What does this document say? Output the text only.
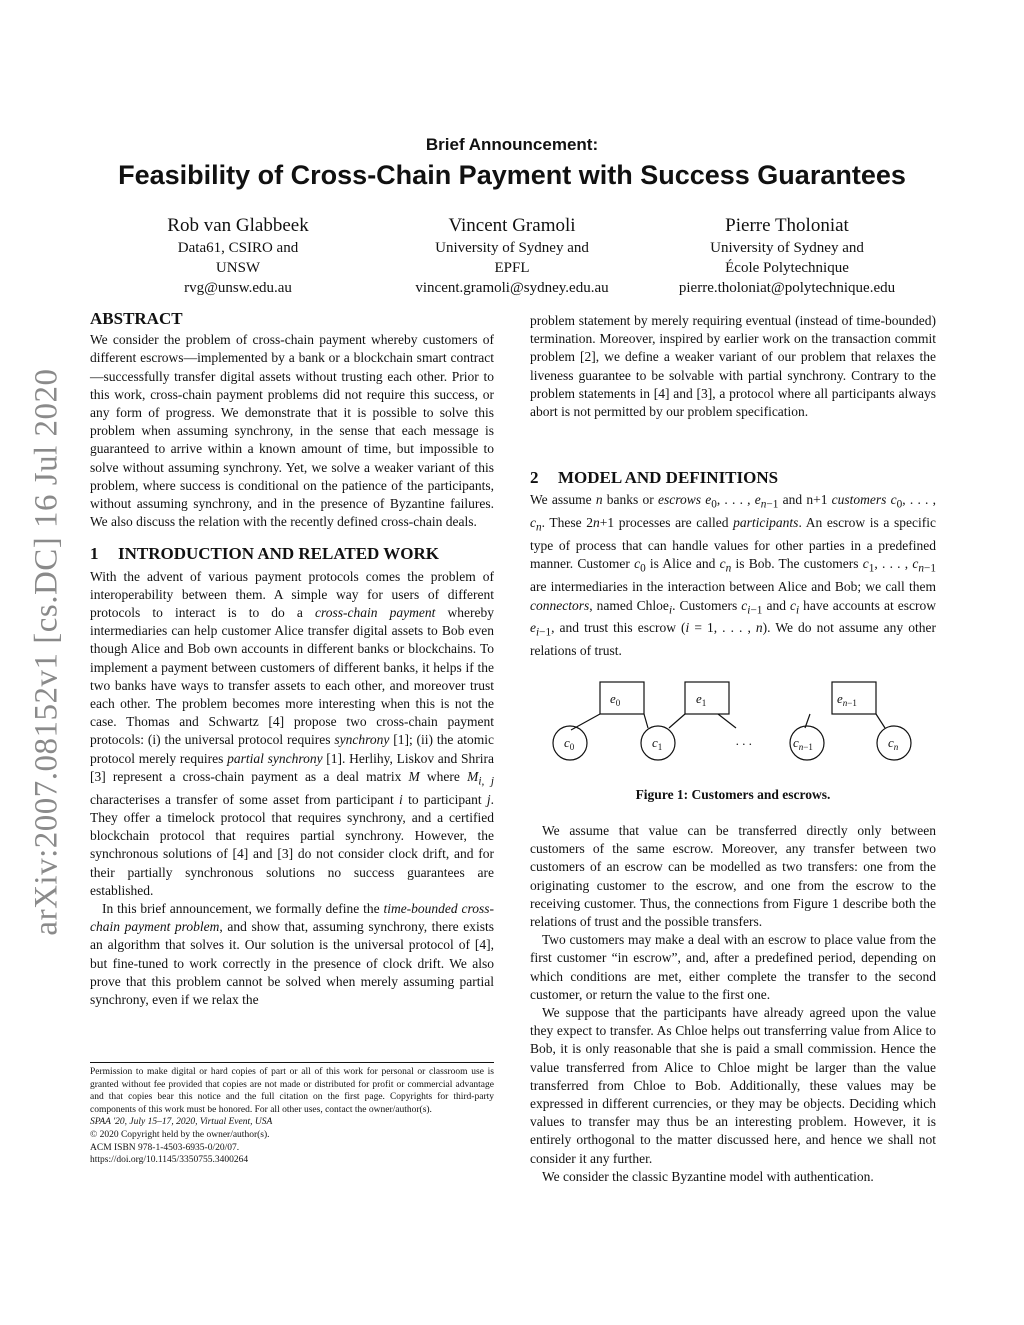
arXiv:2007.08152v1 [cs.DC] 16 Jul 2020
Brief Announcement:
Feasibility of Cross-Chain Payment with Success Guarantees
Rob van Glabbeek
Data61, CSIRO and
UNSW
rvg@unsw.edu.au
Vincent Gramoli
University of Sydney and
EPFL
vincent.gramoli@sydney.edu.au
Pierre Tholoniat
University of Sydney and
École Polytechnique
pierre.tholoniat@polytechnique.edu
ABSTRACT

We consider the problem of cross-chain payment whereby customers of different escrows—implemented by a bank or a blockchain smart contract—successfully transfer digital assets without trusting each other. Prior to this work, cross-chain payment problems did not require this success, or any form of progress. We demonstrate that it is possible to solve this problem when assuming synchrony, in the sense that each message is guaranteed to arrive within a known amount of time, but impossible to solve without assuming synchrony. Yet, we solve a weaker variant of this problem, where success is conditional on the patience of the participants, without assuming synchrony, and in the presence of Byzantine failures. We also discuss the relation with the recently defined cross-chain deals.

1 INTRODUCTION AND RELATED WORK

With the advent of various payment protocols comes the problem of interoperability between them. A simple way for users of different protocols to interact is to do a cross-chain payment whereby intermediaries can help customer Alice transfer digital assets to Bob even though Alice and Bob own accounts in different banks or blockchains. To implement a payment between customers of different banks, it helps if the two banks have ways to transfer assets to each other, and moreover trust each other. The problem becomes more interesting when this is not the case. Thomas and Schwartz [4] propose two cross-chain payment protocols: (i) the universal protocol requires synchrony [1]; (ii) the atomic protocol merely requires partial synchrony [1]. Herlihy, Liskov and Shrira [3] represent a cross-chain payment as a deal matrix M where $M_{i, j}$ characterises a transfer of some asset from participant i to participant j. They offer a timelock protocol that requires synchrony, and a certified blockchain protocol that requires partial synchrony. However, the synchronous solutions of [4] and [3] do not consider clock drift, and for their partially synchronous solutions no success guarantees are established.

In this brief announcement, we formally define the time-bounded cross-chain payment problem, and show that, assuming synchrony, there exists an algorithm that solves it. Our solution is the universal protocol of [4], but fine-tuned to work correctly in the presence of clock drift. We also prove that this problem cannot be solved when merely assuming partial synchrony, even if we relax the

Permission to make digital or hard copies of part or all of this work for personal or classroom use is granted without fee provided that copies are not made or distributed for profit or commercial advantage and that copies bear this notice and the full citation on the first page. Copyrights for third-party components of this work must be honored. For all other uses, contact the owner/author(s).

SPAA '20, July 15–17, 2020, Virtual Event, USA

© 2020 Copyright held by the owner/author(s).

ACM ISBN 978-1-4503-6935-0/20/07.

https://doi.org/10.1145/3350755.3400264

problem statement by merely requiring eventual (instead of time-bounded) termination. Moreover, inspired by earlier work on the transaction commit problem [2], we define a weaker variant of our problem that relaxes the liveness guarantee to be solvable with partial synchrony. Contrary to the problem statements in [4] and [3], a protocol where all participants always abort is not permitted by our problem specification.

2 MODEL AND DEFINITIONS

We assume n banks or escrows $e_0$, . . . , $e_{n-1}$ and n+1 customers $c_0$, . . . , $c_n$. These 2n+1 processes are called participants. An escrow is a specific type of process that can handle values for other parties in a predefined manner. Customer $c_0$ is Alice and $c_n$ is Bob. The customers $c_1$, . . . , $c_{n-1}$ are intermediaries in the interaction between Alice and Bob; we call them connectors, named Chloe$_i$. Customers $c_{i-1}$ and $c_i$ have accounts at escrow $e_{i-1}$, and trust this escrow (i = 1, . . . , n). We do not assume any other relations of trust.

$e_0$	$e_1$	$e_n-1$
$c_0$	$c_1$	$c_n-1$	$c_n$
. . .
Figure 1: Customers and escrows.

We assume that value can be transferred directly only between customers of the same escrow. Moreover, any transfer between two customers of an escrow can be modelled as two transfers: one from the originating customer to the escrow, and one from the escrow to the receiving customer. Thus, the connections from Figure 1 describe both the relations of trust and the possible transfers.

Two customers may make a deal with an escrow to place value from the first customer “in escrow”, and, after a predefined period, depending on which conditions are met, either complete the transfer to the second customer, or return the value to the first one.

We suppose that the participants have already agreed upon the value they expect to transfer. As Chloe helps out transferring value from Alice to Bob, it is only reasonable that she is paid a small commission. Hence the value transferred from Alice to Chloe might be larger than the value transferred from Chloe to Bob. Additionally, these values may be expressed in different currencies, or they may be objects. Deciding which values to transfer may thus be an interesting problem. However, it is entirely orthogonal to the matter discussed here, and hence we shall not consider it any further.

We consider the classic Byzantine model with authentication.
